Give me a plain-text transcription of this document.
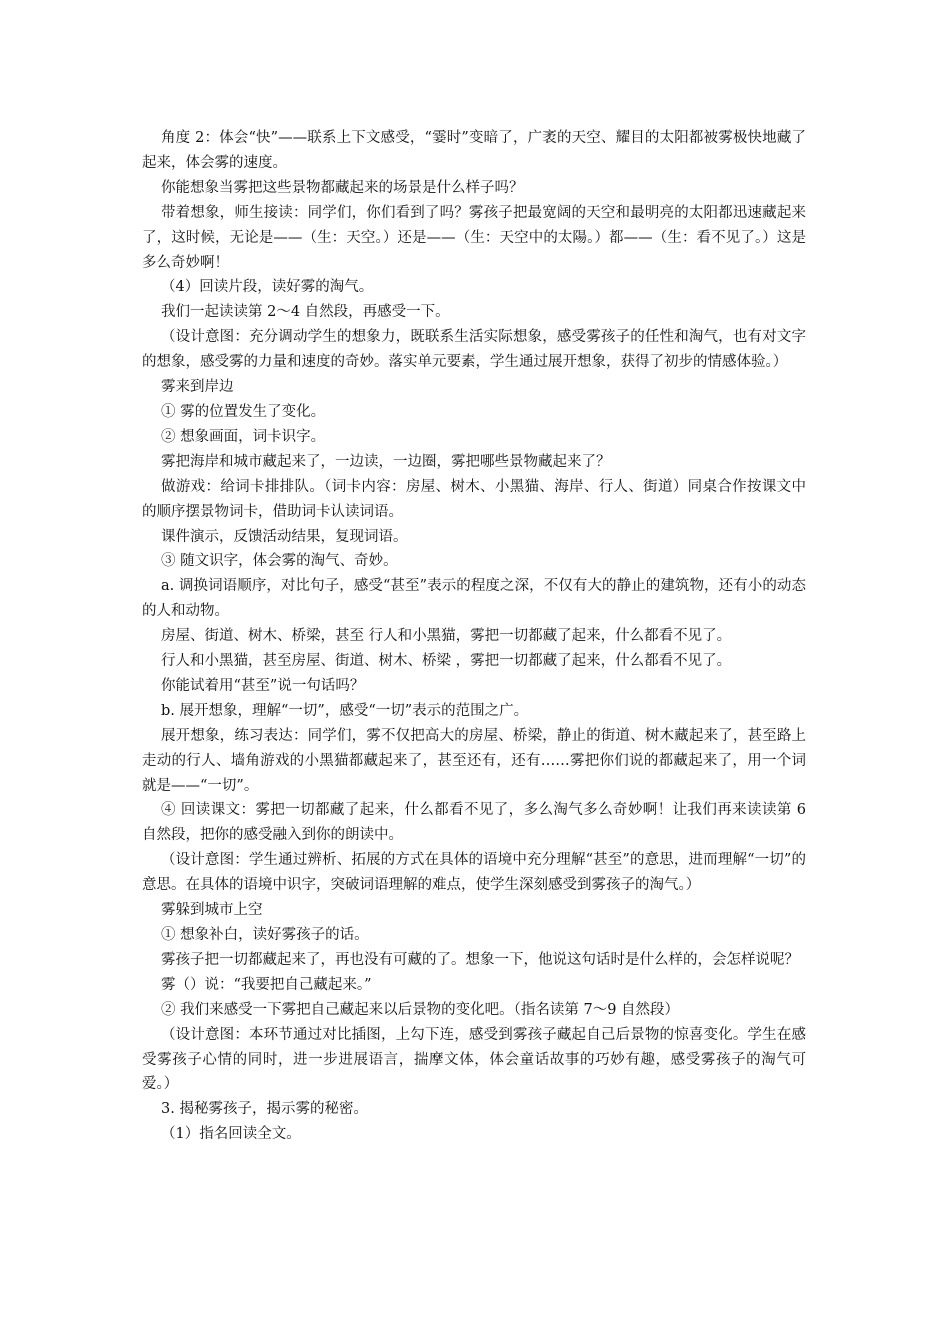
角度 2：体会“快”——联系上下文感受，“霎时”变暗了，广袤的天空、耀目的太阳都被雾极快地藏了起来，体会雾的速度。

你能想象当雾把这些景物都藏起来的场景是什么样子吗？

带着想象，师生接读：同学们，你们看到了吗？雾孩子把最宽阔的天空和最明亮的太阳都迅速藏起来了，这时候，无论是——（生：天空。）还是——（生：天空中的太陽。）都——（生：看不见了。）这是多么奇妙啊！

（4）回读片段，读好雾的淘气。

我们一起读读第 2～4 自然段，再感受一下。

（设计意图：充分调动学生的想象力，既联系生活实际想象，感受雾孩子的任性和淘气，也有对文字的想象，感受雾的力量和速度的奇妙。落实单元要素，学生通过展开想象，获得了初步的情感体验。）

雾来到岸边

① 雾的位置发生了变化。

② 想象画面，词卡识字。

雾把海岸和城市藏起来了，一边读，一边圈，雾把哪些景物藏起来了？

做游戏：给词卡排排队。（词卡内容：房屋、树木、小黑猫、海岸、行人、街道）同桌合作按课文中的顺序摆景物词卡，借助词卡认读词语。

课件演示，反馈活动结果，复现词语。

③ 随文识字，体会雾的淘气、奇妙。

a. 调换词语顺序，对比句子，感受“甚至”表示的程度之深，不仅有大的静止的建筑物，还有小的动态的人和动物。

房屋、街道、树木、桥梁，甚至 行人和小黑猫，雾把一切都藏了起来，什么都看不见了。

行人和小黑猫，甚至房屋、街道、树木、桥梁 ，雾把一切都藏了起来，什么都看不见了。

你能试着用“甚至”说一句话吗？

b. 展开想象，理解“一切”，感受“一切”表示的范围之广。

展开想象，练习表达：同学们，雾不仅把高大的房屋、桥梁，静止的街道、树木藏起来了，甚至路上走动的行人、墙角游戏的小黑猫都藏起来了，甚至还有，还有……雾把你们说的都藏起来了，用一个词就是——“一切”。

④ 回读课文：雾把一切都藏了起来，什么都看不见了，多么淘气多么奇妙啊！让我们再来读读第 6 自然段，把你的感受融入到你的朗读中。

（设计意图：学生通过辨析、拓展的方式在具体的语境中充分理解“甚至”的意思，进而理解“一切”的意思。在具体的语境中识字，突破词语理解的难点，使学生深刻感受到雾孩子的淘气。）

雾躲到城市上空

① 想象补白，读好雾孩子的话。

雾孩子把一切都藏起来了，再也没有可藏的了。想象一下，他说这句话时是什么样的，会怎样说呢？

雾（）说：“我要把自己藏起来。”

② 我们来感受一下雾把自己藏起来以后景物的变化吧。（指名读第 7～9 自然段）

（设计意图：本环节通过对比插图，上勾下连，感受到雾孩子藏起自己后景物的惊喜变化。学生在感受雾孩子心情的同时，进一步进展语言，揣摩文体，体会童话故事的巧妙有趣，感受雾孩子的淘气可爱。）

3. 揭秘雾孩子，揭示雾的秘密。

（1）指名回读全文。
